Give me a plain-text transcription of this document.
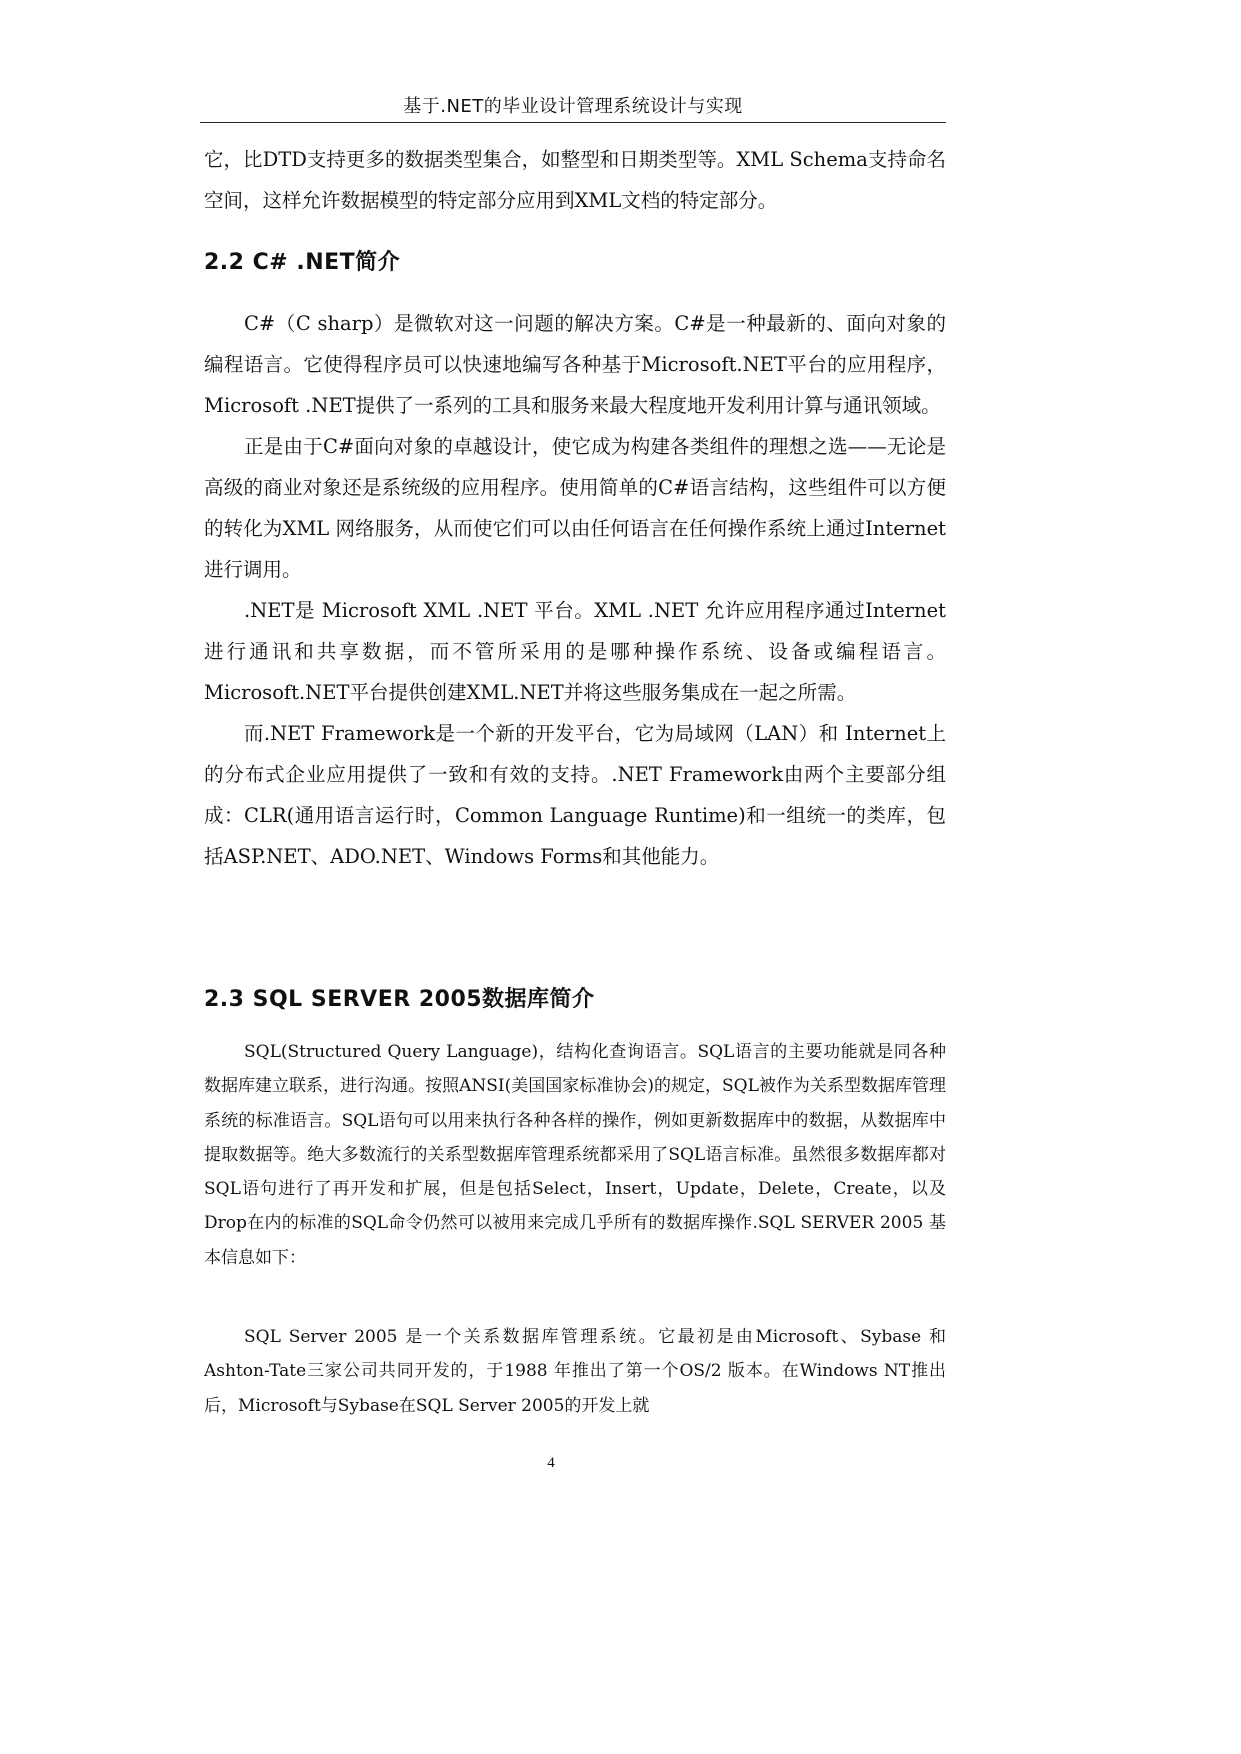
基于.NET的毕业设计管理系统设计与实现

它，比DTD支持更多的数据类型集合，如整型和日期类型等。XML Schema支持命名空间，这样允许数据模型的特定部分应用到XML文档的特定部分。

2.2 C# .NET简介

C#（C sharp）是微软对这一问题的解决方案。C#是一种最新的、面向对象的编程语言。它使得程序员可以快速地编写各种基于Microsoft.NET平台的应用程序，Microsoft .NET提供了一系列的工具和服务来最大程度地开发利用计算与通讯领域。

正是由于C#面向对象的卓越设计，使它成为构建各类组件的理想之选——无论是高级的商业对象还是系统级的应用程序。使用简单的C#语言结构，这些组件可以方便的转化为XML 网络服务，从而使它们可以由任何语言在任何操作系统上通过Internet进行调用。

.NET是 Microsoft XML .NET 平台。XML .NET 允许应用程序通过Internet进行通讯和共享数据，而不管所采用的是哪种操作系统、设备或编程语言。Microsoft.NET平台提供创建XML.NET并将这些服务集成在一起之所需。

而.NET Framework是一个新的开发平台，它为局域网（LAN）和 Internet上的分布式企业应用提供了一致和有效的支持。.NET Framework由两个主要部分组成：CLR(通用语言运行时，Common Language Runtime)和一组统一的类库，包括ASP.NET、ADO.NET、Windows Forms和其他能力。

2.3 SQL SERVER 2005数据库简介

SQL(Structured Query Language)，结构化查询语言。SQL语言的主要功能就是同各种数据库建立联系，进行沟通。按照ANSI(美国国家标准协会)的规定，SQL被作为关系型数据库管理系统的标准语言。SQL语句可以用来执行各种各样的操作，例如更新数据库中的数据，从数据库中提取数据等。绝大多数流行的关系型数据库管理系统都采用了SQL语言标准。虽然很多数据库都对SQL语句进行了再开发和扩展，但是包括Select，Insert，Update，Delete，Create，以及Drop在内的标准的SQL命令仍然可以被用来完成几乎所有的数据库操作.SQL SERVER 2005 基本信息如下：

SQL Server 2005 是一个关系数据库管理系统。它最初是由Microsoft、Sybase 和Ashton-Tate三家公司共同开发的，于1988 年推出了第一个OS/2 版本。在Windows NT推出后，Microsoft与Sybase在SQL Server 2005的开发上就

4
